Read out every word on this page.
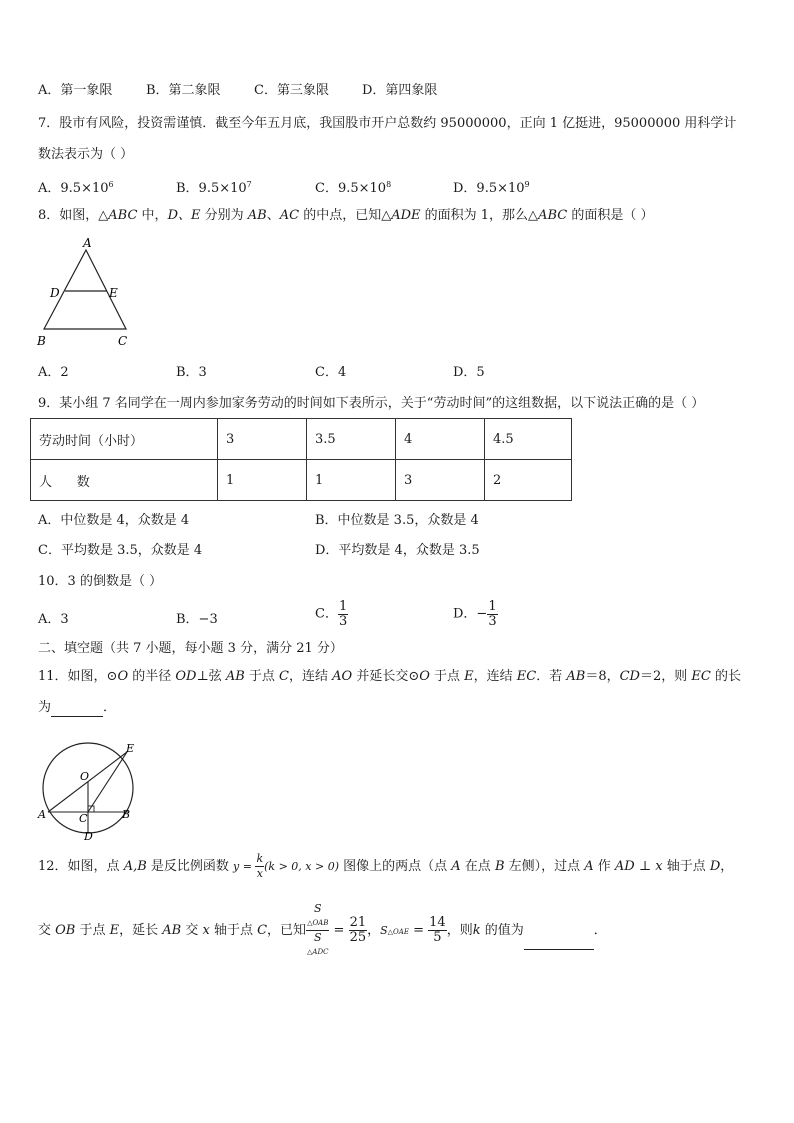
A．第一象限	B．第二象限	C．第三象限	D．第四象限
7．股市有风险，投资需谨慎．截至今年五月底，我国股市开户总数约 95000000，正向 1 亿挺进，95000000 用科学计
数法表示为（ ）
A．$9.5\times 10^6$	B．$9.5\times 10^7$	C．$9.5\times 10^8$	D．$9.5\times 10^9$
8．如图，△ABC 中，D、E 分别为 AB、AC 的中点，已知△ADE 的面积为 1，那么△ABC 的面积是（ ）
A
D	E
B	C
A．2	B．3	C．4	D．5
9．某小组 7 名同学在一周内参加家务劳动的时间如下表所示，关于“劳动时间”的这组数据，以下说法正确的是（ ）
劳动时间（小时）	3	3.5	4	4.5
人      数	1	1	3	2
A．中位数是 4，众数是 4	B．中位数是 3.5，众数是 4
C．平均数是 3.5，众数是 4	D．平均数是 4，众数是 3.5
10．3 的倒数是（ ）
A．3	B．−3	C． $\frac{1}{3}$	D．− $\frac{1}{3}$
二、填空题（共 7 小题，每小题 3 分，满分 21 分）
11．如图，⊙O 的半径 OD⊥弦 AB 于点 C，连结 AO 并延长交⊙O 于点 E，连结 EC．若 AB＝8，CD＝2，则 EC 的长
为	．
E
O
A	C	B
D
12．如图，点 A,B 是反比例函数 $y = \frac{k}{x} (k > 0$, x > 0) 图像上的两点（点 A 在点 B 左侧），过点 A 作 AD ⊥ x 轴于点 D，
交 OB 于点 E，延长 AB 交 x 轴于点 C，已知 S
△OAB
S
△ADC = $\frac{21}{25}$ ，S△OAE = $\frac{14}{5}$ ，则k 的值为	．
